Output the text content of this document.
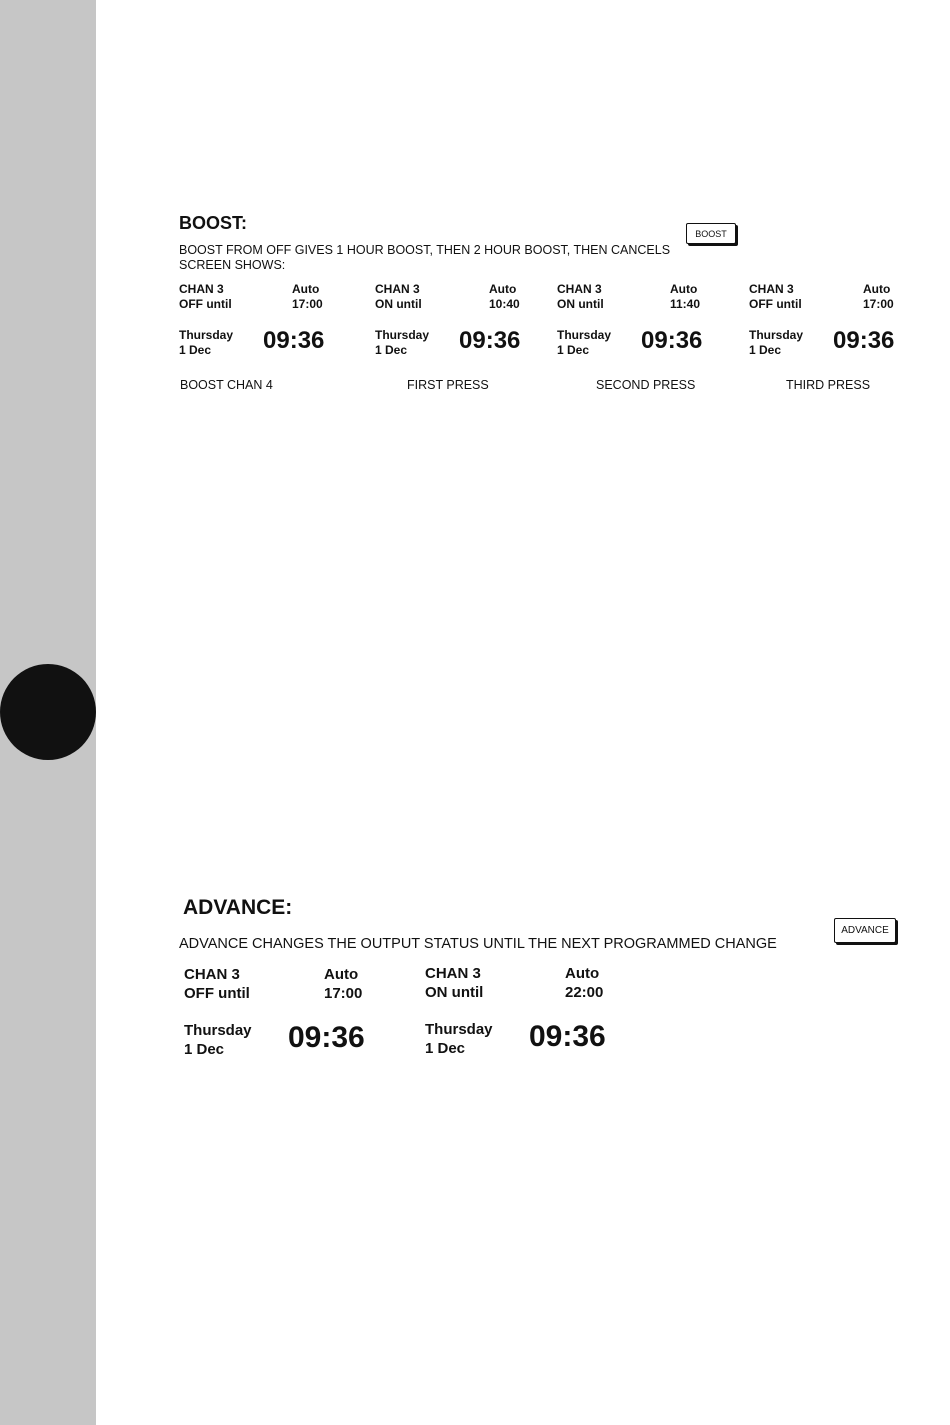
BOOST:
BOOST FROM OFF GIVES 1 HOUR BOOST, THEN 2 HOUR BOOST, THEN CANCELS
SCREEN SHOWS:
BOOST
CHAN 3
OFF until
Auto
17:00
Thursday
1 Dec	09:36
CHAN 3
ON until
Auto
10:40
Thursday
1 Dec	09:36
CHAN 3
ON until
Auto
11:40
Thursday
1 Dec	09:36
CHAN 3
OFF until
Auto
17:00
Thursday
1 Dec	09:36
BOOST CHAN 4	FIRST PRESS	SECOND PRESS	THIRD PRESS
ADVANCE:
ADVANCE CHANGES THE OUTPUT STATUS UNTIL THE NEXT PROGRAMMED CHANGE
ADVANCE
CHAN 3
OFF until
Auto
17:00
Thursday
1 Dec	09:36
CHAN 3
ON until
Auto
22:00
Thursday
1 Dec	09:36
